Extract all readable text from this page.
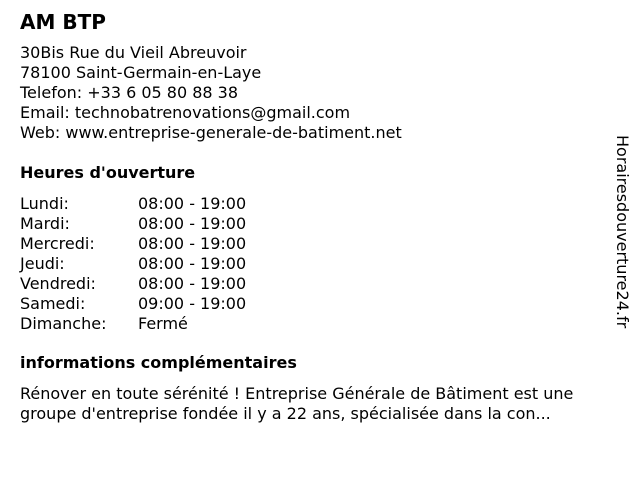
AM BTP
30Bis Rue du Vieil Abreuvoir
78100 Saint-Germain-en-Laye
Telefon: +33 6 05 80 88 38
Email: technobatrenovations@gmail.com
Web: www.entreprise-generale-de-batiment.net
Heures d'ouverture
Lundi:	08:00 - 19:00
Mardi:	08:00 - 19:00
Mercredi:	08:00 - 19:00
Jeudi:	08:00 - 19:00
Vendredi:	08:00 - 19:00
Samedi:	09:00 - 19:00
Dimanche: Fermé
informations complémentaires
Rénover en toute sérénité ! Entreprise Générale de Bâtiment est une groupe d'entreprise fondée il y a 22 ans, spécialisée dans la con...
Horairesdouverture24.fr
